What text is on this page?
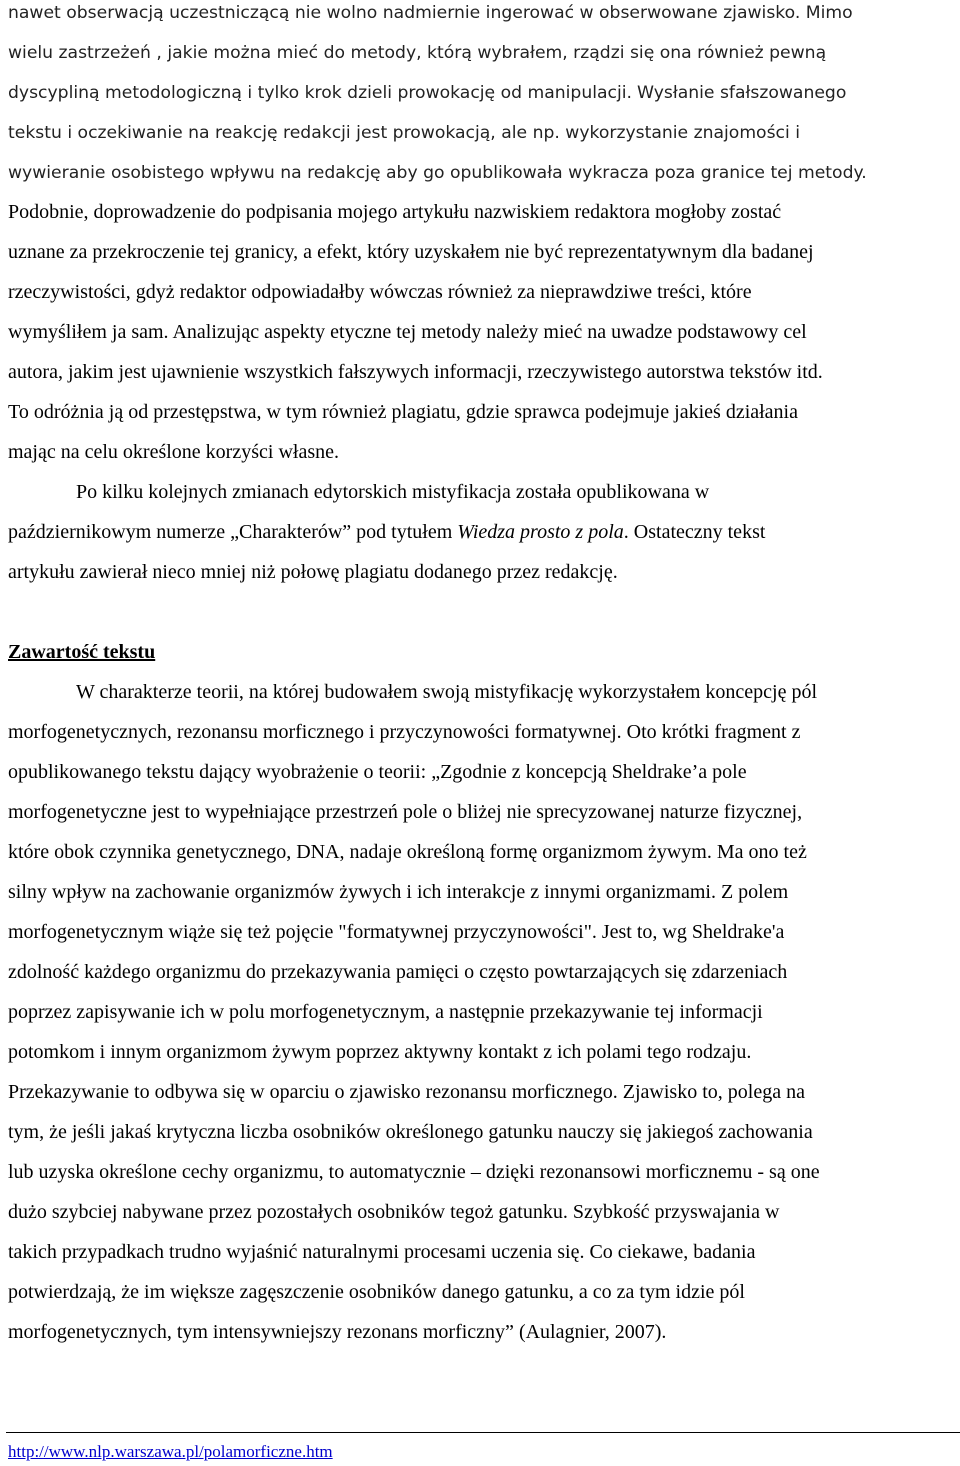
nawet obserwacją uczestniczącą nie wolno nadmiernie ingerować w obserwowane zjawisko. Mimo
wielu zastrzeżeń , jakie można mieć do metody, którą wybrałem, rządzi się ona również pewną
dyscypliną metodologiczną i tylko krok dzieli prowokację od manipulacji. Wysłanie sfałszowanego
tekstu i oczekiwanie na reakcję redakcji jest prowokacją, ale np. wykorzystanie znajomości i
wywieranie osobistego wpływu na redakcję aby go opublikowała wykracza poza granice tej metody.
Podobnie, doprowadzenie do podpisania mojego artykułu nazwiskiem redaktora mogłoby zostać
uznane za przekroczenie tej granicy, a efekt, który uzyskałem nie być reprezentatywnym dla badanej
rzeczywistości, gdyż redaktor odpowiadałby wówczas również za nieprawdziwe treści, które
wymyśliłem ja sam. Analizując aspekty etyczne tej metody należy mieć na uwadze podstawowy cel
autora, jakim jest ujawnienie wszystkich fałszywych informacji, rzeczywistego autorstwa tekstów itd.
To odróżnia ją od przestępstwa, w tym również plagiatu, gdzie sprawca podejmuje jakieś działania
mając na celu określone korzyści własne.
Po kilku kolejnych zmianach edytorskich mistyfikacja została opublikowana w
październikowym numerze „Charakterów” pod tytułem Wiedza prosto z pola. Ostateczny tekst
artykułu zawierał nieco mniej niż połowę plagiatu dodanego przez redakcję.
Zawartość tekstu
W charakterze teorii, na której budowałem swoją mistyfikację wykorzystałem koncepcję pól
morfogenetycznych, rezonansu morficznego i przyczynowości formatywnej. Oto krótki fragment z
opublikowanego tekstu dający wyobrażenie o teorii: „Zgodnie z koncepcją Sheldrake’a pole
morfogenetyczne jest to wypełniające przestrzeń pole o bliżej nie sprecyzowanej naturze fizycznej,
które obok czynnika genetycznego, DNA, nadaje określoną formę organizmom żywym. Ma ono też
silny wpływ na zachowanie organizmów żywych i ich interakcje z innymi organizmami. Z polem
morfogenetycznym wiąże się też pojęcie "formatywnej przyczynowości". Jest to, wg Sheldrake'a
zdolność każdego organizmu do przekazywania pamięci o często powtarzających się zdarzeniach
poprzez zapisywanie ich w polu morfogenetycznym, a następnie przekazywanie tej informacji
potomkom i innym organizmom żywym poprzez aktywny kontakt z ich polami tego rodzaju.
Przekazywanie to odbywa się w oparciu o zjawisko rezonansu morficznego. Zjawisko to, polega na
tym, że jeśli jakaś krytyczna liczba osobników określonego gatunku nauczy się jakiegoś zachowania
lub uzyska określone cechy organizmu, to automatycznie – dzięki rezonansowi morficznemu - są one
dużo szybciej nabywane przez pozostałych osobników tegoż gatunku. Szybkość przyswajania w
takich przypadkach trudno wyjaśnić naturalnymi procesami uczenia się. Co ciekawe, badania
potwierdzają, że im większe zagęszczenie osobników danego gatunku, a co za tym idzie pól
morfogenetycznych, tym intensywniejszy rezonans morficzny” (Aulagnier, 2007).
http://www.nlp.warszawa.pl/polamorficzne.htm
